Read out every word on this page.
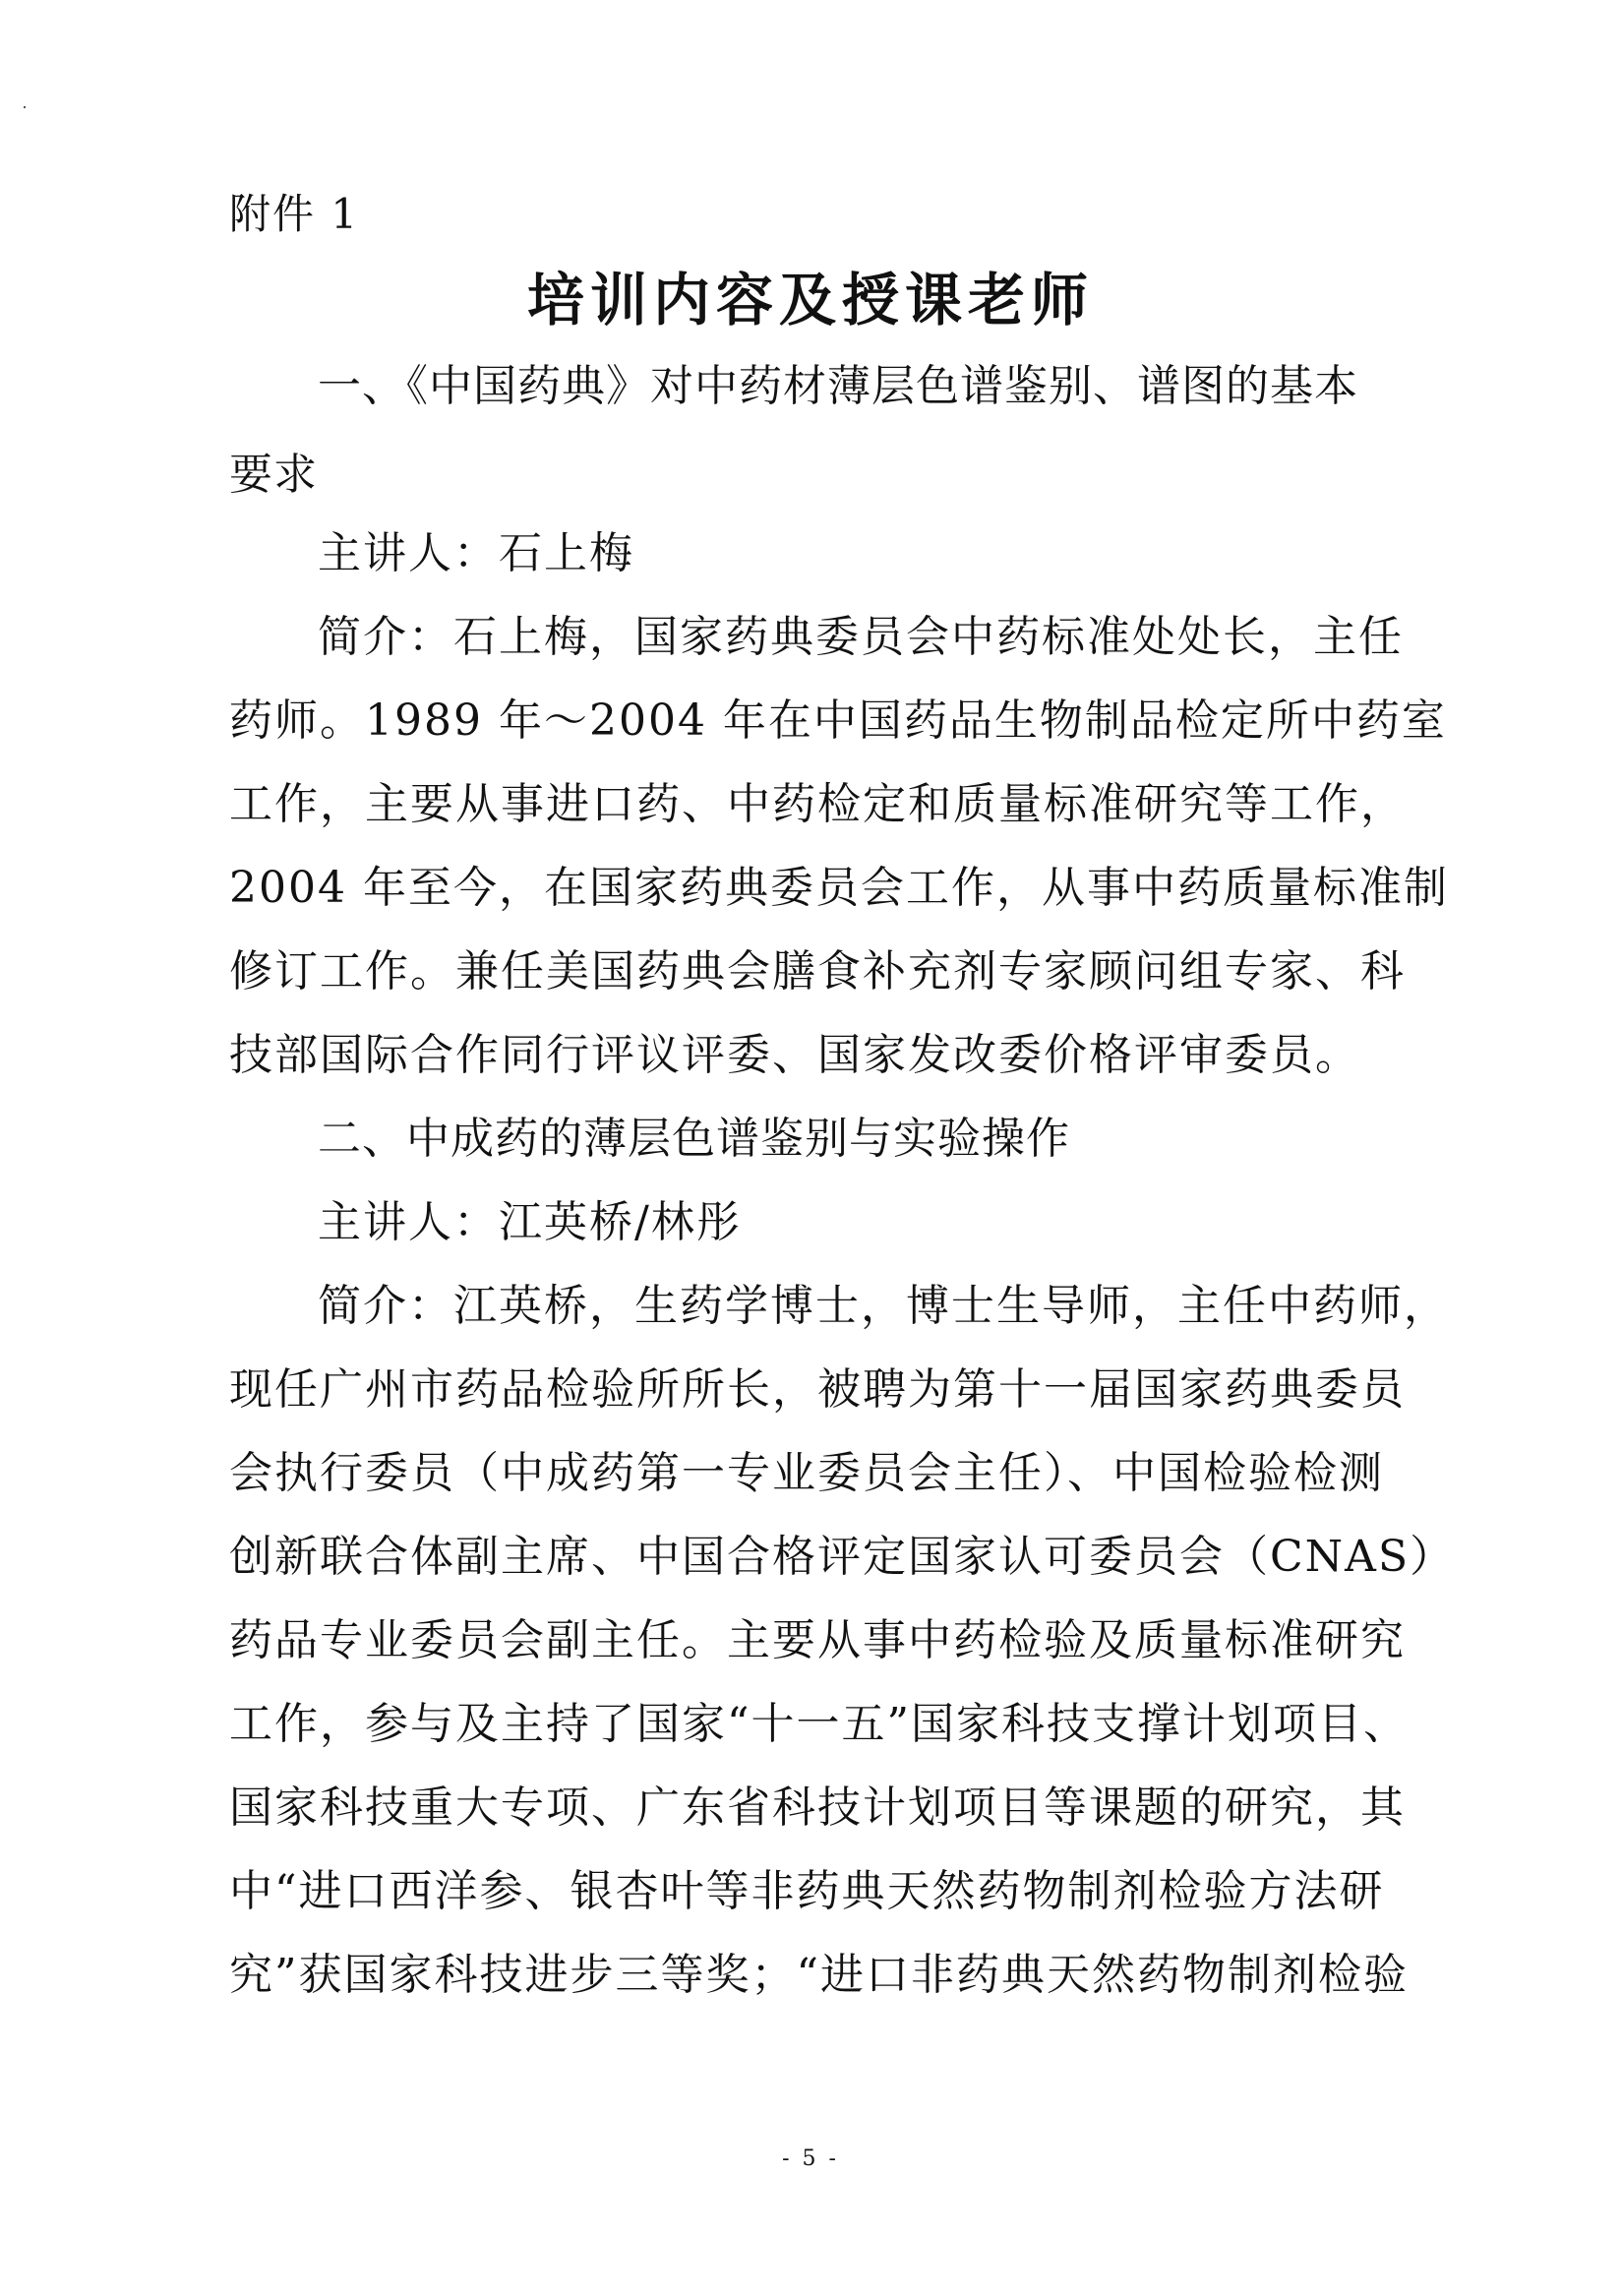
附件 1
培训内容及授课老师
一、《中国药典》对中药材薄层色谱鉴别、谱图的基本
要求
主讲人：石上梅
简介：石上梅，国家药典委员会中药标准处处长，主任
药师。1989 年～2004 年在中国药品生物制品检定所中药室
工作，主要从事进口药、中药检定和质量标准研究等工作，
2004 年至今，在国家药典委员会工作，从事中药质量标准制
修订工作。兼任美国药典会膳食补充剂专家顾问组专家、科
技部国际合作同行评议评委、国家发改委价格评审委员。
二、中成药的薄层色谱鉴别与实验操作
主讲人：江英桥/林彤
简介：江英桥，生药学博士，博士生导师，主任中药师，
现任广州市药品检验所所长，被聘为第十一届国家药典委员
会执行委员（中成药第一专业委员会主任）、中国检验检测
创新联合体副主席、中国合格评定国家认可委员会（CNAS）
药品专业委员会副主任。主要从事中药检验及质量标准研究
工作，参与及主持了国家“十一五”国家科技支撑计划项目、
国家科技重大专项、广东省科技计划项目等课题的研究，其
中“进口西洋参、银杏叶等非药典天然药物制剂检验方法研
究”获国家科技进步三等奖；“进口非药典天然药物制剂检验
- 5 -
